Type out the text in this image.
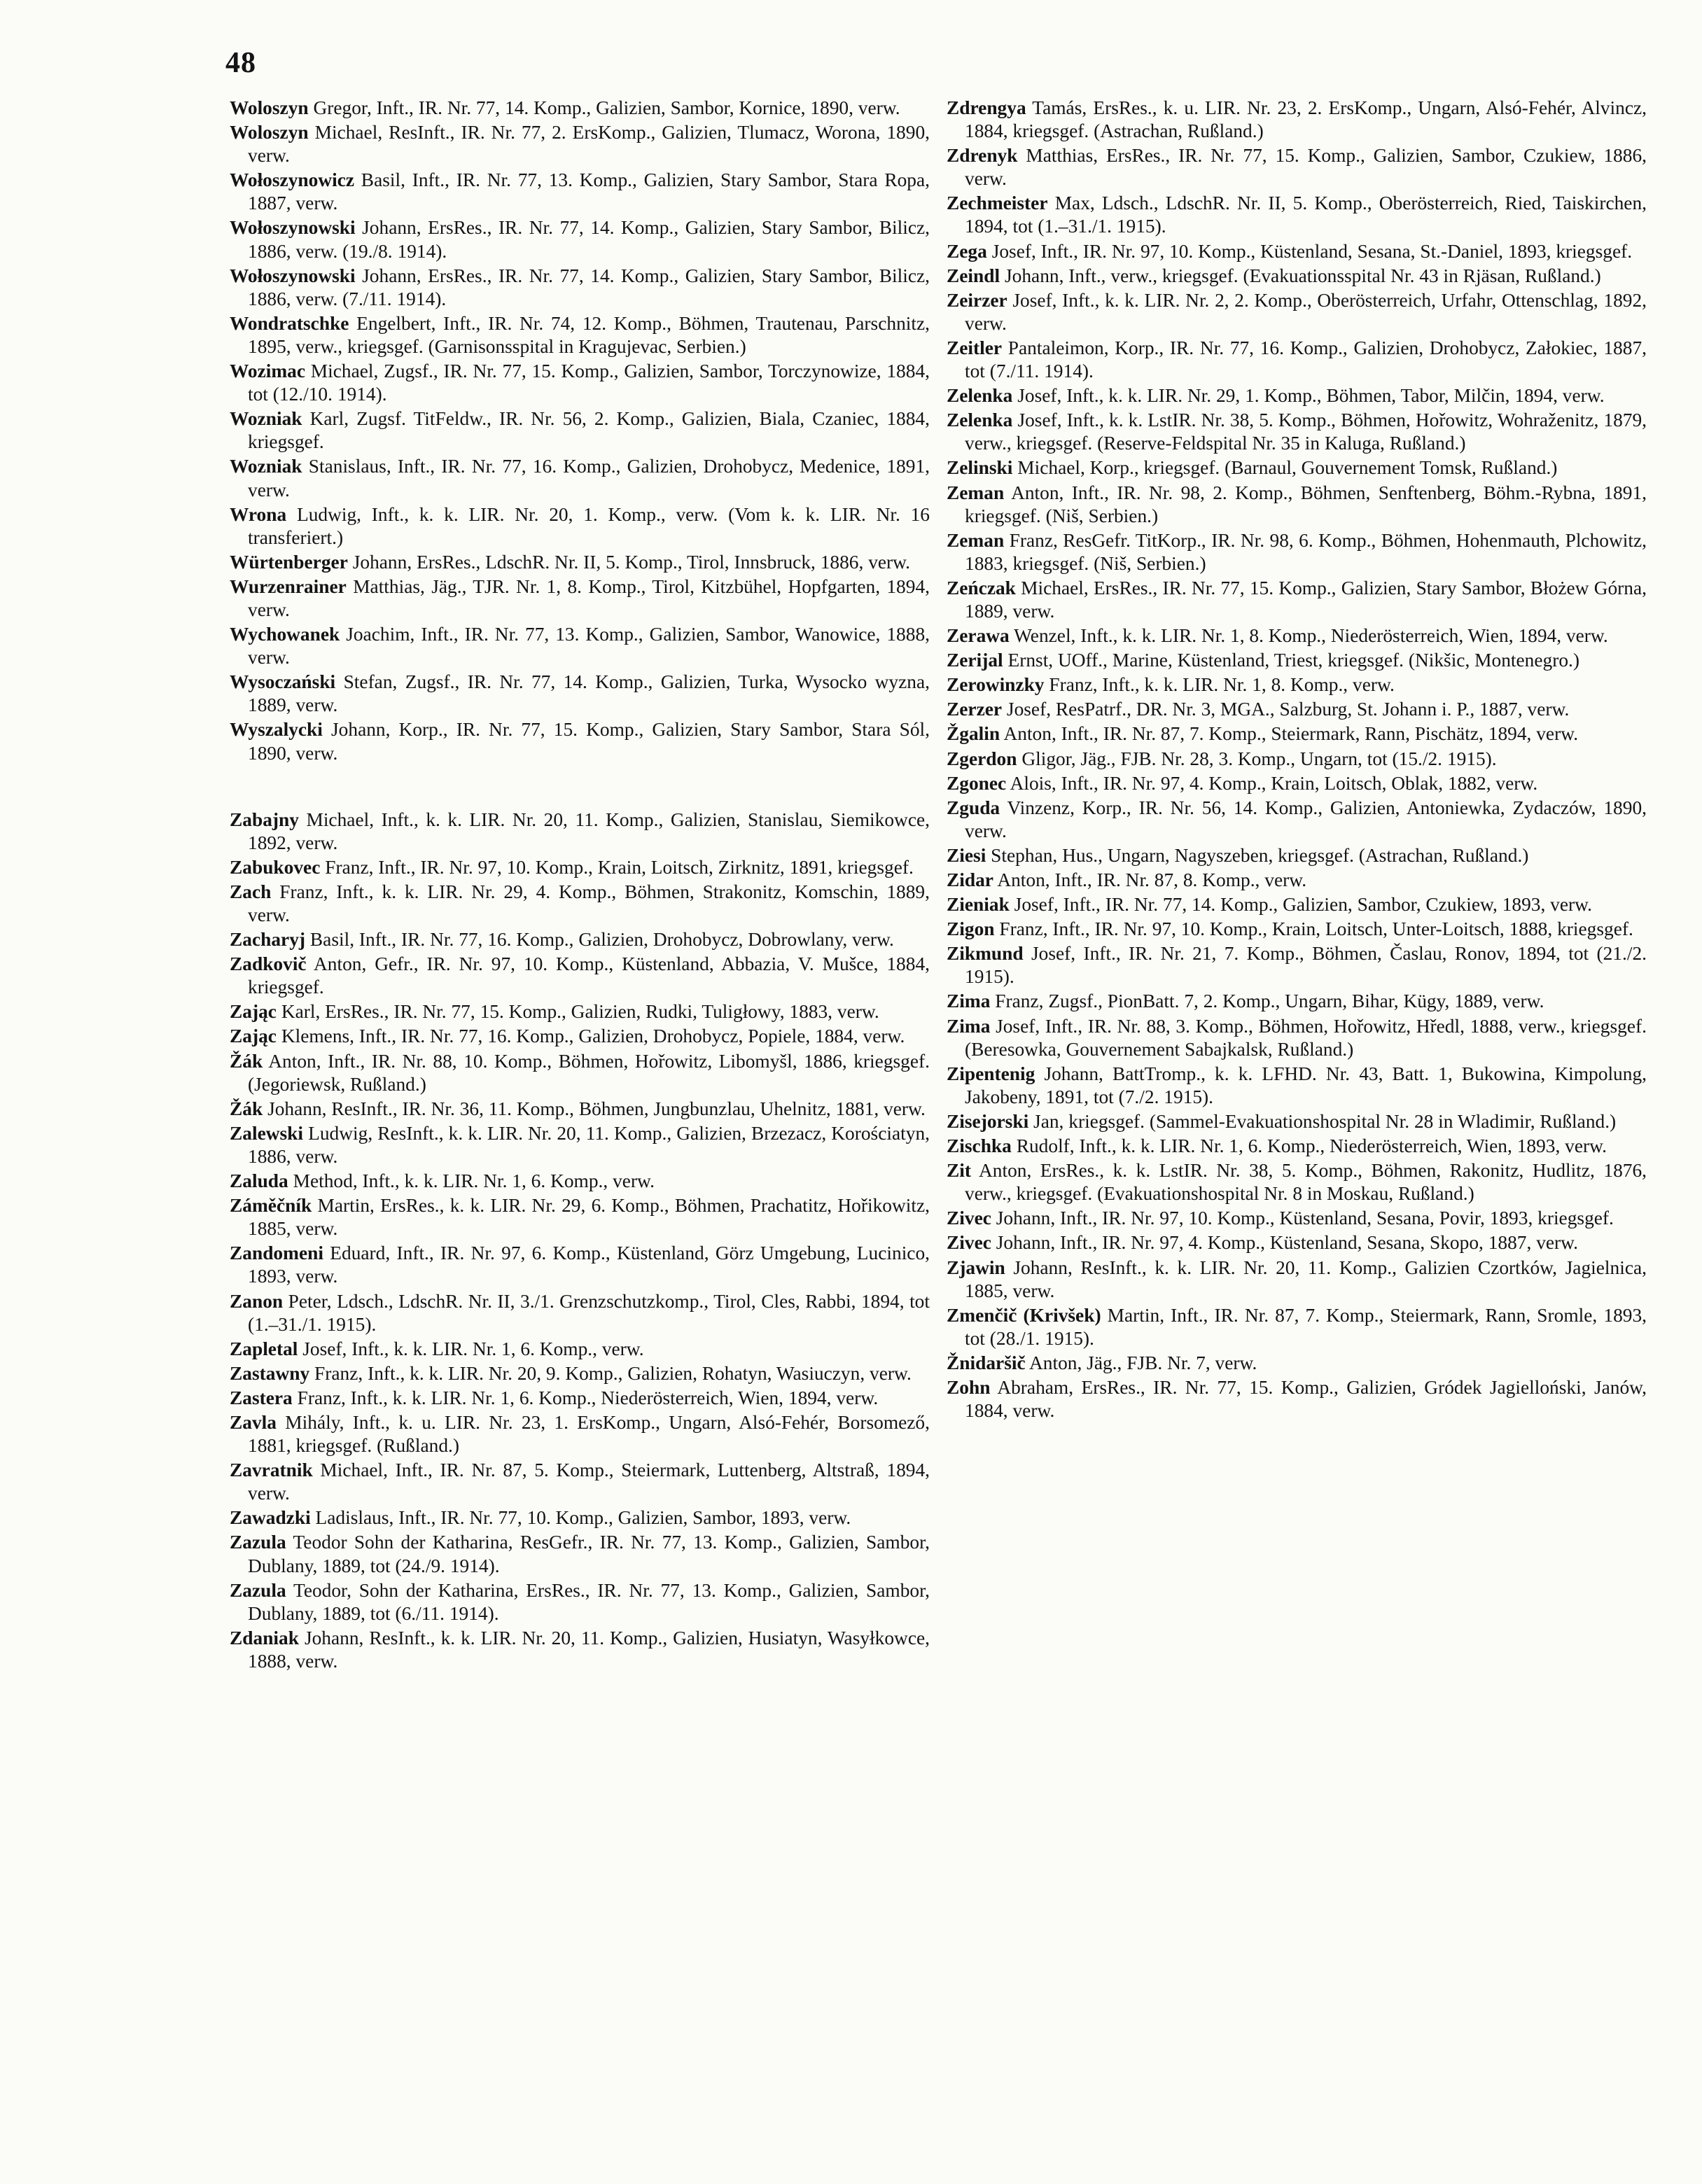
48

Woloszyn Gregor, Inft., IR. Nr. 77, 14. Komp., Galizien, Sambor, Kornice, 1890, verw.

Woloszyn Michael, ResInft., IR. Nr. 77, 2. ErsKomp., Galizien, Tlumacz, Worona, 1890, verw.

Wołoszynowicz Basil, Inft., IR. Nr. 77, 13. Komp., Galizien, Stary Sambor, Stara Ropa, 1887, verw.

Wołoszynowski Johann, ErsRes., IR. Nr. 77, 14. Komp., Galizien, Stary Sambor, Bilicz, 1886, verw. (19./8. 1914).

Wołoszynowski Johann, ErsRes., IR. Nr. 77, 14. Komp., Galizien, Stary Sambor, Bilicz, 1886, verw. (7./11. 1914).

Wondratschke Engelbert, Inft., IR. Nr. 74, 12. Komp., Böhmen, Trautenau, Parschnitz, 1895, verw., kriegsgef. (Garnisonsspital in Kragujevac, Serbien.)

Wozimac Michael, Zugsf., IR. Nr. 77, 15. Komp., Galizien, Sambor, Torczynowize, 1884, tot (12./10. 1914).

Wozniak Karl, Zugsf. TitFeldw., IR. Nr. 56, 2. Komp., Galizien, Biala, Czaniec, 1884, kriegsgef.

Wozniak Stanislaus, Inft., IR. Nr. 77, 16. Komp., Galizien, Drohobycz, Medenice, 1891, verw.

Wrona Ludwig, Inft., k. k. LIR. Nr. 20, 1. Komp., verw. (Vom k. k. LIR. Nr. 16 transferiert.)

Würtenberger Johann, ErsRes., LdschR. Nr. II, 5. Komp., Tirol, Innsbruck, 1886, verw.

Wurzenrainer Matthias, Jäg., TJR. Nr. 1, 8. Komp., Tirol, Kitzbühel, Hopfgarten, 1894, verw.

Wychowanek Joachim, Inft., IR. Nr. 77, 13. Komp., Galizien, Sambor, Wanowice, 1888, verw.

Wysoczański Stefan, Zugsf., IR. Nr. 77, 14. Komp., Galizien, Turka, Wysocko wyzna, 1889, verw.

Wyszalycki Johann, Korp., IR. Nr. 77, 15. Komp., Galizien, Stary Sambor, Stara Sól, 1890, verw.

Zabajny Michael, Inft., k. k. LIR. Nr. 20, 11. Komp., Galizien, Stanislau, Siemikowce, 1892, verw.

Zabukovec Franz, Inft., IR. Nr. 97, 10. Komp., Krain, Loitsch, Zirknitz, 1891, kriegsgef.

Zach Franz, Inft., k. k. LIR. Nr. 29, 4. Komp., Böhmen, Strakonitz, Komschin, 1889, verw.

Zacharyj Basil, Inft., IR. Nr. 77, 16. Komp., Galizien, Drohobycz, Dobrowlany, verw.

Zadkovič Anton, Gefr., IR. Nr. 97, 10. Komp., Küstenland, Abbazia, V. Mušce, 1884, kriegsgef.

Zając Karl, ErsRes., IR. Nr. 77, 15. Komp., Galizien, Rudki, Tuligłowy, 1883, verw.

Zając Klemens, Inft., IR. Nr. 77, 16. Komp., Galizien, Drohobycz, Popiele, 1884, verw.

Žák Anton, Inft., IR. Nr. 88, 10. Komp., Böhmen, Hořowitz, Libomyšl, 1886, kriegsgef. (Jegoriewsk, Rußland.)

Žák Johann, ResInft., IR. Nr. 36, 11. Komp., Böhmen, Jungbunzlau, Uhelnitz, 1881, verw.

Zalewski Ludwig, ResInft., k. k. LIR. Nr. 20, 11. Komp., Galizien, Brzezacz, Korościatyn, 1886, verw.

Zaluda Method, Inft., k. k. LIR. Nr. 1, 6. Komp., verw.

Záměčník Martin, ErsRes., k. k. LIR. Nr. 29, 6. Komp., Böhmen, Prachatitz, Hořikowitz, 1885, verw.

Zandomeni Eduard, Inft., IR. Nr. 97, 6. Komp., Küstenland, Görz Umgebung, Lucinico, 1893, verw.

Zanon Peter, Ldsch., LdschR. Nr. II, 3./1. Grenzschutzkomp., Tirol, Cles, Rabbi, 1894, tot (1.–31./1. 1915).

Zapletal Josef, Inft., k. k. LIR. Nr. 1, 6. Komp., verw.

Zastawny Franz, Inft., k. k. LIR. Nr. 20, 9. Komp., Galizien, Rohatyn, Wasiuczyn, verw.

Zastera Franz, Inft., k. k. LIR. Nr. 1, 6. Komp., Niederösterreich, Wien, 1894, verw.

Zavla Mihály, Inft., k. u. LIR. Nr. 23, 1. ErsKomp., Ungarn, Alsó-Fehér, Borsomező, 1881, kriegsgef. (Rußland.)

Zavratnik Michael, Inft., IR. Nr. 87, 5. Komp., Steiermark, Luttenberg, Altstraß, 1894, verw.

Zawadzki Ladislaus, Inft., IR. Nr. 77, 10. Komp., Galizien, Sambor, 1893, verw.

Zazula Teodor Sohn der Katharina, ResGefr., IR. Nr. 77, 13. Komp., Galizien, Sambor, Dublany, 1889, tot (24./9. 1914).

Zazula Teodor, Sohn der Katharina, ErsRes., IR. Nr. 77, 13. Komp., Galizien, Sambor, Dublany, 1889, tot (6./11. 1914).

Zdaniak Johann, ResInft., k. k. LIR. Nr. 20, 11. Komp., Galizien, Husiatyn, Wasyłkowce, 1888, verw.

Zdrengya Tamás, ErsRes., k. u. LIR. Nr. 23, 2. ErsKomp., Ungarn, Alsó-Fehér, Alvincz, 1884, kriegsgef. (Astrachan, Rußland.)

Zdrenyk Matthias, ErsRes., IR. Nr. 77, 15. Komp., Galizien, Sambor, Czukiew, 1886, verw.

Zechmeister Max, Ldsch., LdschR. Nr. II, 5. Komp., Oberösterreich, Ried, Taiskirchen, 1894, tot (1.–31./1. 1915).

Zega Josef, Inft., IR. Nr. 97, 10. Komp., Küstenland, Sesana, St.-Daniel, 1893, kriegsgef.

Zeindl Johann, Inft., verw., kriegsgef. (Evakuationsspital Nr. 43 in Rjäsan, Rußland.)

Zeirzer Josef, Inft., k. k. LIR. Nr. 2, 2. Komp., Oberösterreich, Urfahr, Ottenschlag, 1892, verw.

Zeitler Pantaleimon, Korp., IR. Nr. 77, 16. Komp., Galizien, Drohobycz, Załokiec, 1887, tot (7./11. 1914).

Zelenka Josef, Inft., k. k. LIR. Nr. 29, 1. Komp., Böhmen, Tabor, Milčin, 1894, verw.

Zelenka Josef, Inft., k. k. LstIR. Nr. 38, 5. Komp., Böhmen, Hořowitz, Wohraženitz, 1879, verw., kriegsgef. (Reserve-Feldspital Nr. 35 in Kaluga, Rußland.)

Zelinski Michael, Korp., kriegsgef. (Barnaul, Gouvernement Tomsk, Rußland.)

Zeman Anton, Inft., IR. Nr. 98, 2. Komp., Böhmen, Senftenberg, Böhm.-Rybna, 1891, kriegsgef. (Niš, Serbien.)

Zeman Franz, ResGefr. TitKorp., IR. Nr. 98, 6. Komp., Böhmen, Hohenmauth, Plchowitz, 1883, kriegsgef. (Niš, Serbien.)

Zeńczak Michael, ErsRes., IR. Nr. 77, 15. Komp., Galizien, Stary Sambor, Błożew Górna, 1889, verw.

Zerawa Wenzel, Inft., k. k. LIR. Nr. 1, 8. Komp., Niederösterreich, Wien, 1894, verw.

Zerijal Ernst, UOff., Marine, Küstenland, Triest, kriegsgef. (Nikšic, Montenegro.)

Zerowinzky Franz, Inft., k. k. LIR. Nr. 1, 8. Komp., verw.

Zerzer Josef, ResPatrf., DR. Nr. 3, MGA., Salzburg, St. Johann i. P., 1887, verw.

Žgalin Anton, Inft., IR. Nr. 87, 7. Komp., Steiermark, Rann, Pischätz, 1894, verw.

Zgerdon Gligor, Jäg., FJB. Nr. 28, 3. Komp., Ungarn, tot (15./2. 1915).

Zgonec Alois, Inft., IR. Nr. 97, 4. Komp., Krain, Loitsch, Oblak, 1882, verw.

Zguda Vinzenz, Korp., IR. Nr. 56, 14. Komp., Galizien, Antoniewka, Zydaczów, 1890, verw.

Ziesi Stephan, Hus., Ungarn, Nagyszeben, kriegsgef. (Astrachan, Rußland.)

Zidar Anton, Inft., IR. Nr. 87, 8. Komp., verw.

Zieniak Josef, Inft., IR. Nr. 77, 14. Komp., Galizien, Sambor, Czukiew, 1893, verw.

Zigon Franz, Inft., IR. Nr. 97, 10. Komp., Krain, Loitsch, Unter-Loitsch, 1888, kriegsgef.

Zikmund Josef, Inft., IR. Nr. 21, 7. Komp., Böhmen, Časlau, Ronov, 1894, tot (21./2. 1915).

Zima Franz, Zugsf., PionBatt. 7, 2. Komp., Ungarn, Bihar, Kügy, 1889, verw.

Zima Josef, Inft., IR. Nr. 88, 3. Komp., Böhmen, Hořowitz, Hředl, 1888, verw., kriegsgef. (Beresowka, Gouvernement Sabajkalsk, Rußland.)

Zipentenig Johann, BattTromp., k. k. LFHD. Nr. 43, Batt. 1, Bukowina, Kimpolung, Jakobeny, 1891, tot (7./2. 1915).

Zisejorski Jan, kriegsgef. (Sammel-Evakuationshospital Nr. 28 in Wladimir, Rußland.)

Zischka Rudolf, Inft., k. k. LIR. Nr. 1, 6. Komp., Niederösterreich, Wien, 1893, verw.

Zit Anton, ErsRes., k. k. LstIR. Nr. 38, 5. Komp., Böhmen, Rakonitz, Hudlitz, 1876, verw., kriegsgef. (Evakuationshospital Nr. 8 in Moskau, Rußland.)

Zivec Johann, Inft., IR. Nr. 97, 10. Komp., Küstenland, Sesana, Povir, 1893, kriegsgef.

Zivec Johann, Inft., IR. Nr. 97, 4. Komp., Küstenland, Sesana, Skopo, 1887, verw.

Zjawin Johann, ResInft., k. k. LIR. Nr. 20, 11. Komp., Galizien Czortków, Jagielnica, 1885, verw.

Zmenčič (Krivšek) Martin, Inft., IR. Nr. 87, 7. Komp., Steiermark, Rann, Sromle, 1893, tot (28./1. 1915).

Žnidaršič Anton, Jäg., FJB. Nr. 7, verw.

Zohn Abraham, ErsRes., IR. Nr. 77, 15. Komp., Galizien, Gródek Jagielloński, Janów, 1884, verw.
